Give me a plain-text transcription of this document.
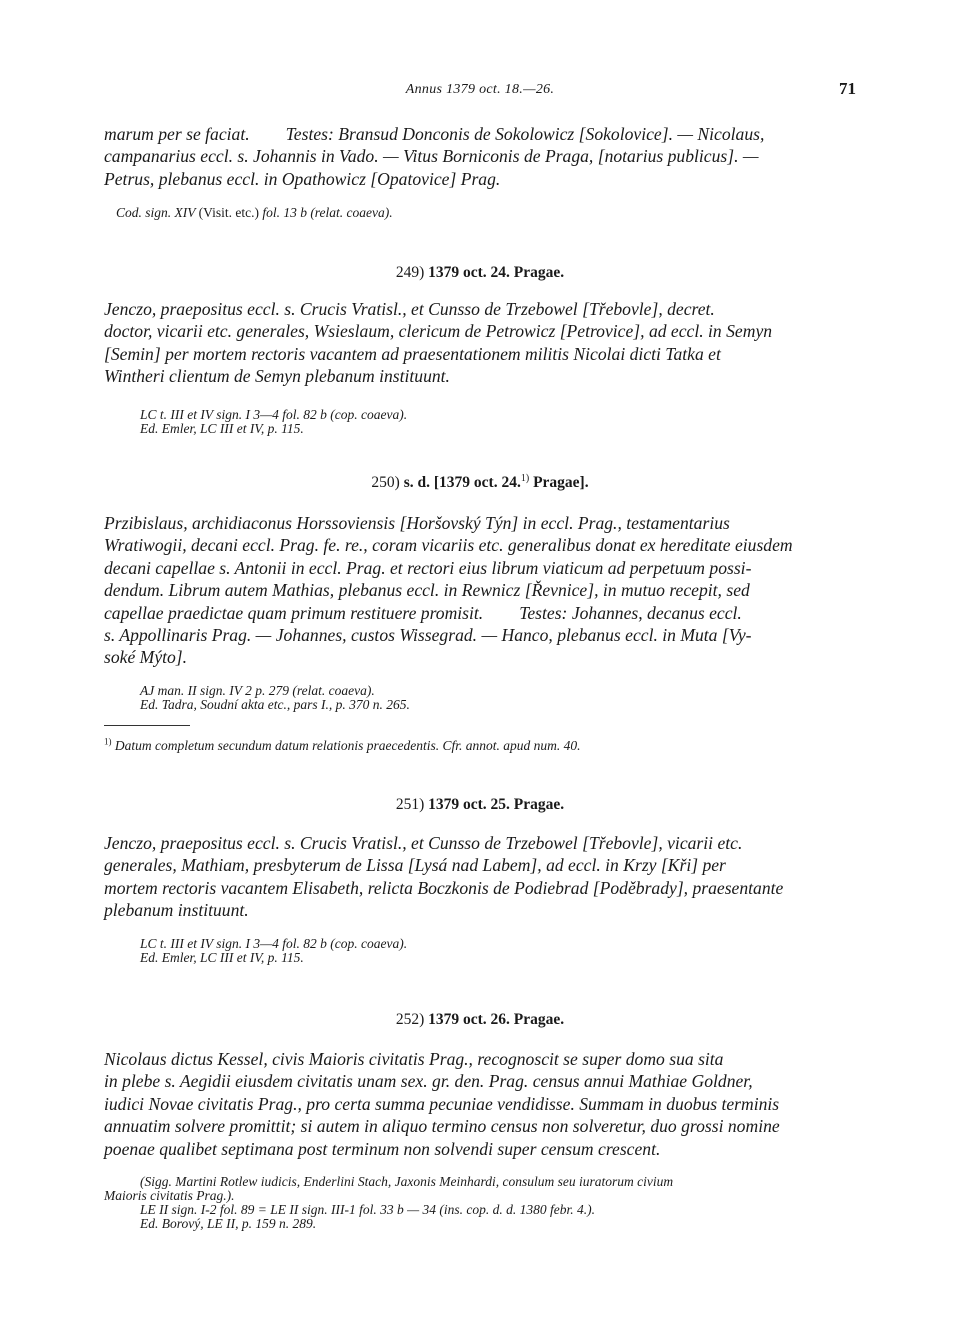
Annus 1379 oct. 18.—26.	71
marum per se faciat. Testes: Bransud Donconis de Sokolowicz [Sokolovice]. — Nicolaus,
campanarius eccl. s. Johannis in Vado. — Vitus Borniconis de Praga, [notarius publicus]. —
Petrus, plebanus eccl. in Opathowicz [Opatovice] Prag.
Cod. sign. XIV (Visit. etc.) fol. 13 b (relat. coaeva).
249) 1379 oct. 24. Pragae.
Jenczo, praepositus eccl. s. Crucis Vratisl., et Cunsso de Trzebowel [Třebovle], decret.
doctor, vicarii etc. generales, Wsieslaum, clericum de Petrowicz [Petrovice], ad eccl. in Semyn
[Semin] per mortem rectoris vacantem ad praesentationem militis Nicolai dicti Tatka et
Wintheri clientum de Semyn plebanum instituunt.
LC t. III et IV sign. I 3—4 fol. 82 b (cop. coaeva).
Ed. Emler, LC III et IV, p. 115.
250) s. d. [1379 oct. 24.$^{1)}$ Pragae].
Przibislaus, archidiaconus Horssoviensis [Horšovský Týn] in eccl. Prag., testamentarius
Wratiwogii, decani eccl. Prag. fe. re., coram vicariis etc. generalibus donat ex hereditate eiusdem
decani capellae s. Antonii in eccl. Prag. et rectori eius librum viaticum ad perpetuum possi-
dendum. Librum autem Mathias, plebanus eccl. in Rewnicz [Řevnice], in mutuo recepit, sed
capellae praedictae quam primum restituere promisit. Testes: Johannes, decanus eccl.
s. Appollinaris Prag. — Johannes, custos Wissegrad. — Hanco, plebanus eccl. in Muta [Vy-
soké Mýto].
AJ man. II sign. IV 2 p. 279 (relat. coaeva).
Ed. Tadra, Soudní akta etc., pars I., p. 370 n. 265.
$^{1)}$ Datum completum secundum datum relationis praecedentis. Cfr. annot. apud num. 40.
251) 1379 oct. 25. Pragae.
Jenczo, praepositus eccl. s. Crucis Vratisl., et Cunsso de Trzebowel [Třebovle], vicarii etc.
generales, Mathiam, presbyterum de Lissa [Lysá nad Labem], ad eccl. in Krzy [Kři] per
mortem rectoris vacantem Elisabeth, relicta Boczkonis de Podiebrad [Poděbrady], praesentante
plebanum instituunt.
LC t. III et IV sign. I 3—4 fol. 82 b (cop. coaeva).
Ed. Emler, LC III et IV, p. 115.
252) 1379 oct. 26. Pragae.
Nicolaus dictus Kessel, civis Maioris civitatis Prag., recognoscit se super domo sua sita
in plebe s. Aegidii eiusdem civitatis unam sex. gr. den. Prag. census annui Mathiae Goldner,
iudici Novae civitatis Prag., pro certa summa pecuniae vendidisse. Summam in duobus terminis
annuatim solvere promittit; si autem in aliquo termino census non solveretur, duo grossi nomine
poenae qualibet septimana post terminum non solvendi super censum crescent.
(Sigg. Martini Rotlew iudicis, Enderlini Stach, Jaxonis Meinhardi, consulum seu iuratorum civium
Maioris civitatis Prag.).
LE II sign. I-2 fol. 89 = LE II sign. III-1 fol. 33 b — 34 (ins. cop. d. d. 1380 febr. 4.).
Ed. Borový, LE II, p. 159 n. 289.
